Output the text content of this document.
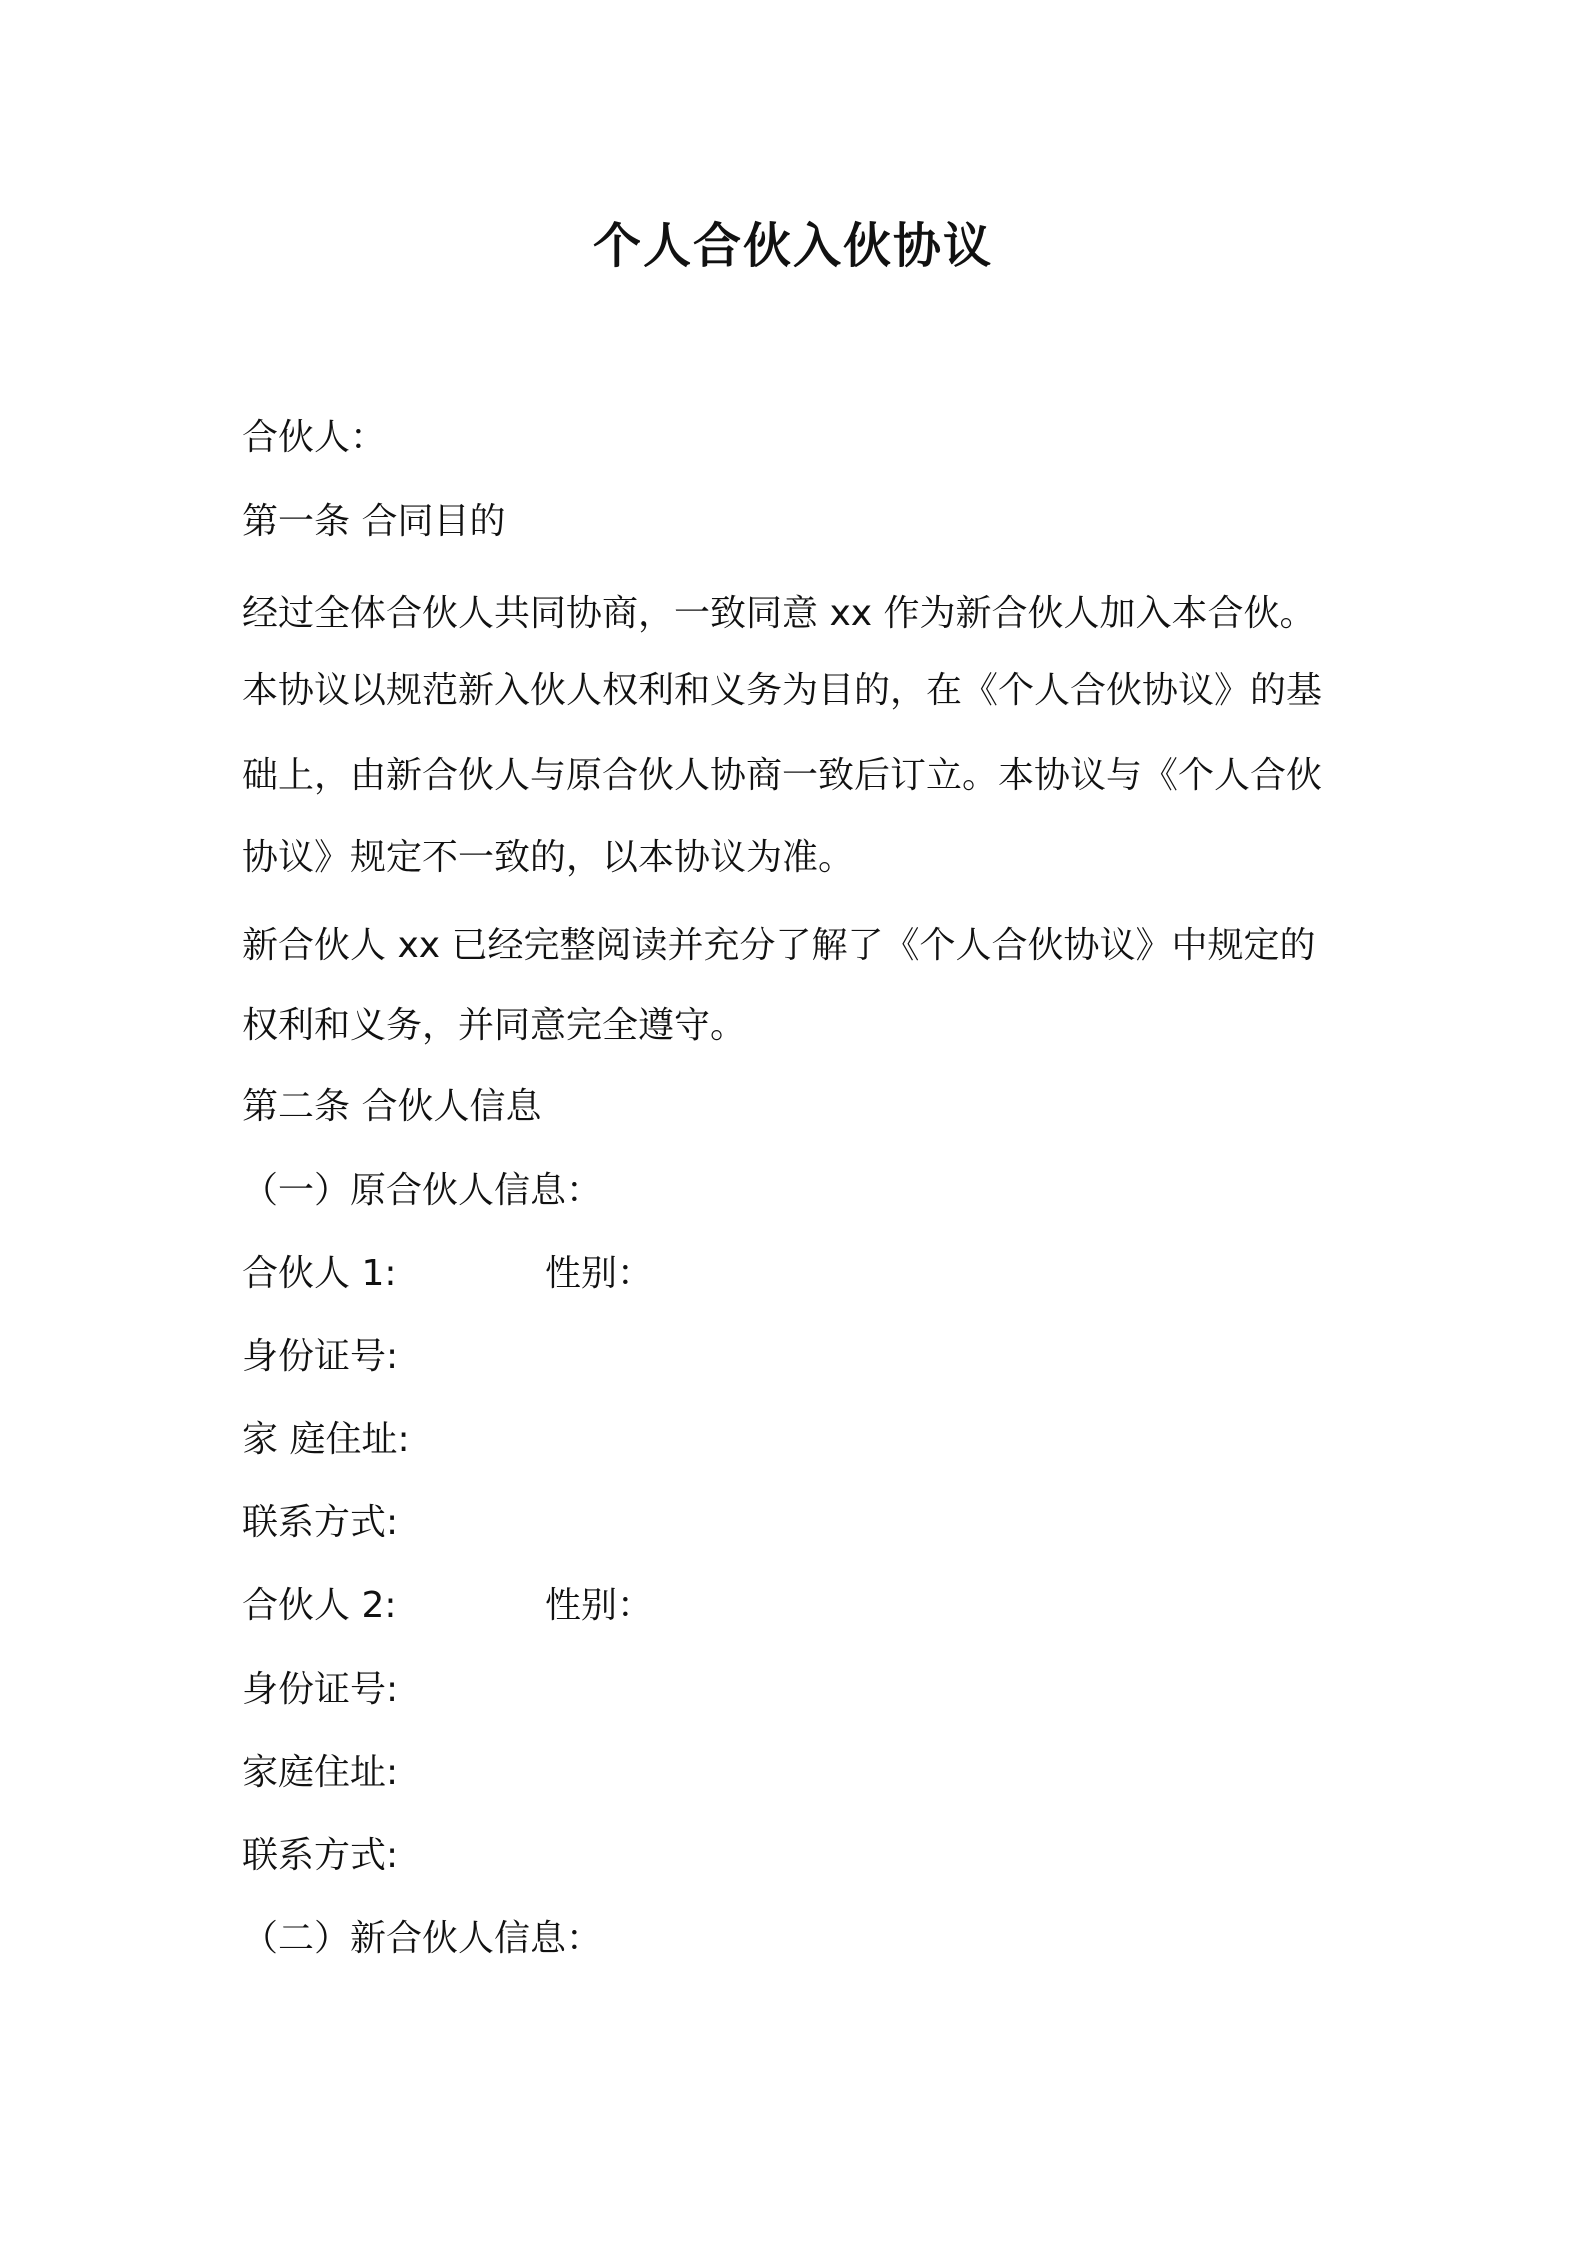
个人合伙入伙协议
合伙人：
第一条 合同目的
经过全体合伙人共同协商，一致同意 xx 作为新合伙人加入本合伙。
本协议以规范新入伙人权利和义务为目的，在《个人合伙协议》的基
础上，由新合伙人与原合伙人协商一致后订立。本协议与《个人合伙
协议》规定不一致的，以本协议为准。
新合伙人 xx 已经完整阅读并充分了解了《个人合伙协议》中规定的
权利和义务，并同意完全遵守。
第二条 合伙人信息
（一）原合伙人信息：
合伙人 1:	性别：
身份证号:
家 庭住址:
联系方式:
合伙人 2:	性别：
身份证号:
家庭住址:
联系方式:
（二）新合伙人信息：
